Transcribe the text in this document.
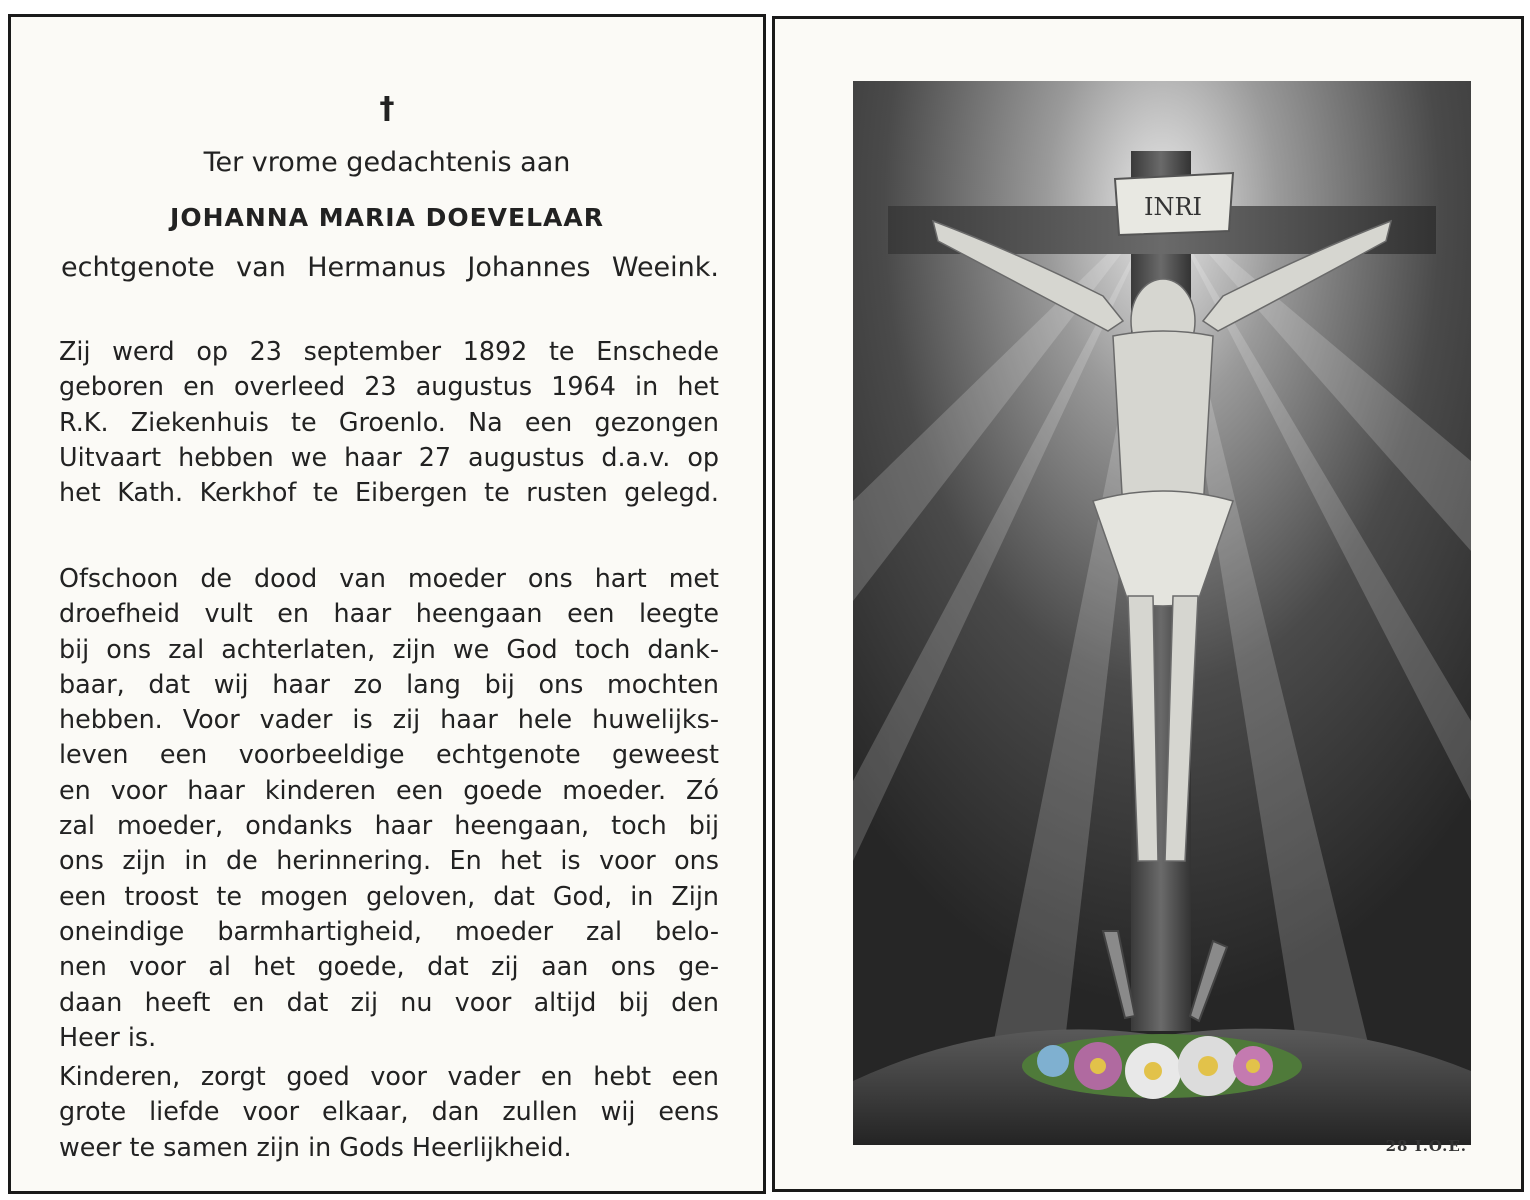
†
Ter vrome gedachtenis aan
JOHANNA MARIA DOEVELAAR
echtgenote van Hermanus Johannes Weeink.
Zij werd op 23 september 1892 te Enschede
geboren en overleed 23 augustus 1964 in het
R.K. Ziekenhuis te Groenlo. Na een gezongen
Uitvaart hebben we haar 27 augustus d.a.v. op
het Kath. Kerkhof te Eibergen te rusten gelegd.
Ofschoon de dood van moeder ons hart met
droefheid vult en haar heengaan een leegte
bij ons zal achterlaten, zijn we God toch dank-
baar, dat wij haar zo lang bij ons mochten
hebben. Voor vader is zij haar hele huwelijks-
leven een voorbeeldige echtgenote geweest
en voor haar kinderen een goede moeder. Zó
zal moeder, ondanks haar heengaan, toch bij
ons zijn in de herinnering. En het is voor ons
een troost te mogen geloven, dat God, in Zijn
oneindige barmhartigheid, moeder zal belo-
nen voor al het goede, dat zij aan ons ge-
daan heeft en dat zij nu voor altijd bij den
Heer is.
Kinderen, zorgt goed voor vader en hebt een
grote liefde voor elkaar, dan zullen wij eens
weer te samen zijn in Gods Heerlijkheid.
INRI
28 I.O.E.
